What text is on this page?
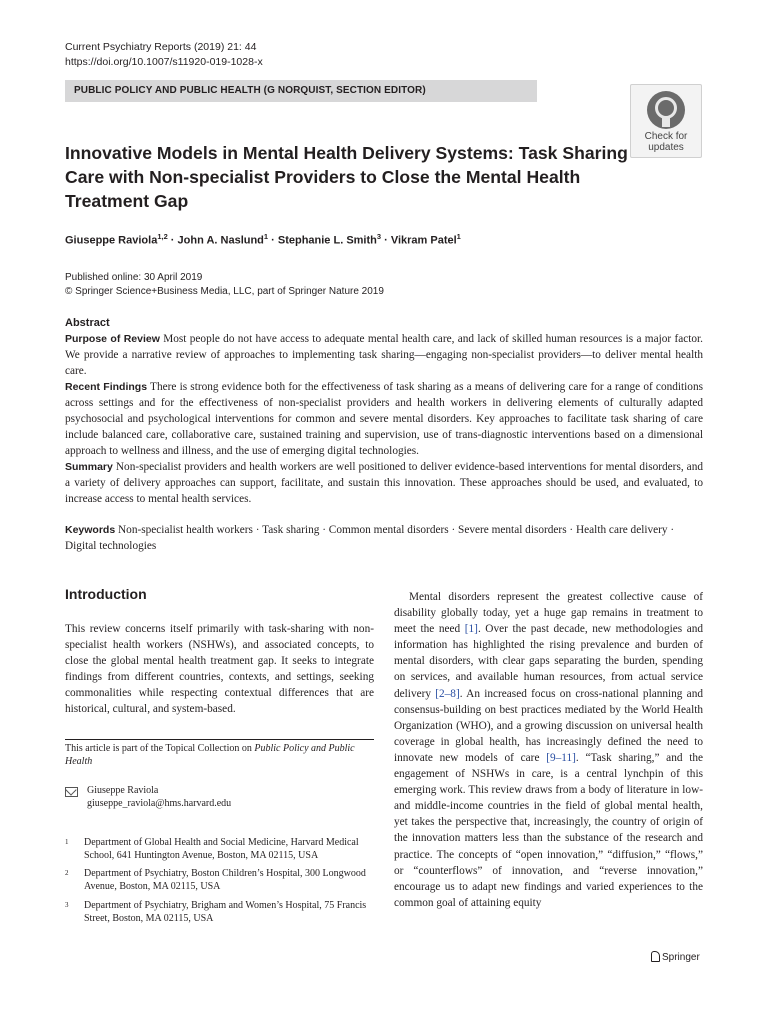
Current Psychiatry Reports (2019) 21: 44
https://doi.org/10.1007/s11920-019-1028-x
PUBLIC POLICY AND PUBLIC HEALTH (G NORQUIST, SECTION EDITOR)
Check for
updates
Innovative Models in Mental Health Delivery Systems: Task Sharing Care with Non-specialist Providers to Close the Mental Health Treatment Gap
Giuseppe Raviola$^{1,2}$ · John A. Naslund$^1$ · Stephanie L. Smith$^3$ · Vikram Patel$^1$
Published online: 30 April 2019
© Springer Science+Business Media, LLC, part of Springer Nature 2019
Abstract

Purpose of Review Most people do not have access to adequate mental health care, and lack of skilled human resources is a major factor. We provide a narrative review of approaches to implementing task sharing—engaging non-specialist providers—to deliver mental health care.

Recent Findings There is strong evidence both for the effectiveness of task sharing as a means of delivering care for a range of conditions across settings and for the effectiveness of non-specialist providers and health workers in delivering elements of culturally adapted psychosocial and psychological interventions for common and severe mental disorders. Key approaches to facilitate task sharing of care include balanced care, collaborative care, sustained training and supervision, use of trans-diagnostic interventions based on a dimensional approach to wellness and illness, and the use of emerging digital technologies.

Summary Non-specialist providers and health workers are well positioned to deliver evidence-based interventions for mental disorders, and a variety of delivery approaches can support, facilitate, and sustain this innovation. These approaches should be used, and evaluated, to increase access to mental health services.

Keywords Non-specialist health workers · Task sharing · Common mental disorders · Severe mental disorders · Health care delivery · Digital technologies
Introduction

This review concerns itself primarily with task-sharing with non-specialist health workers (NSHWs), and associated concepts, to close the global mental health treatment gap. It seeks to integrate findings from different countries, contexts, and settings, seeking commonalities while respecting contextual differences that are historical, cultural, and system-based.

This article is part of the Topical Collection on Public Policy and Public Health
Giuseppe Raviola
giuseppe_raviola@hms.harvard.edu
1 Department of Global Health and Social Medicine, Harvard Medical School, 641 Huntington Avenue, Boston, MA 02115, USA
2 Department of Psychiatry, Boston Children’s Hospital, 300 Longwood Avenue, Boston, MA 02115, USA
3 Department of Psychiatry, Brigham and Women’s Hospital, 75 Francis Street, Boston, MA 02115, USA

Mental disorders represent the greatest collective cause of disability globally today, yet a huge gap remains in treatment to meet the need [1]. Over the past decade, new methodologies and information has highlighted the rising prevalence and burden of mental disorders, with clear gaps separating the burden, spending on services, and available human resources, from actual service delivery [2–8]. An increased focus on cross-national planning and consensus-building on best practices mediated by the World Health Organization (WHO), and a growing discussion on universal health coverage in global health, has increasingly defined the need to innovate new models of care [9–11]. “Task sharing,” and the engagement of NSHWs in care, is a central lynchpin of this emerging work. This review draws from a body of literature in low- and middle-income countries in the field of global mental health, yet takes the perspective that, increasingly, the country of origin of the innovation matters less than the substance of the research and practice. The concepts of “open innovation,” “diffusion,” “flows,” or “counterflows” of innovation, and “reverse innovation,” encourage us to adapt new findings and varied experiences to the common goal of attaining equity

Springer
